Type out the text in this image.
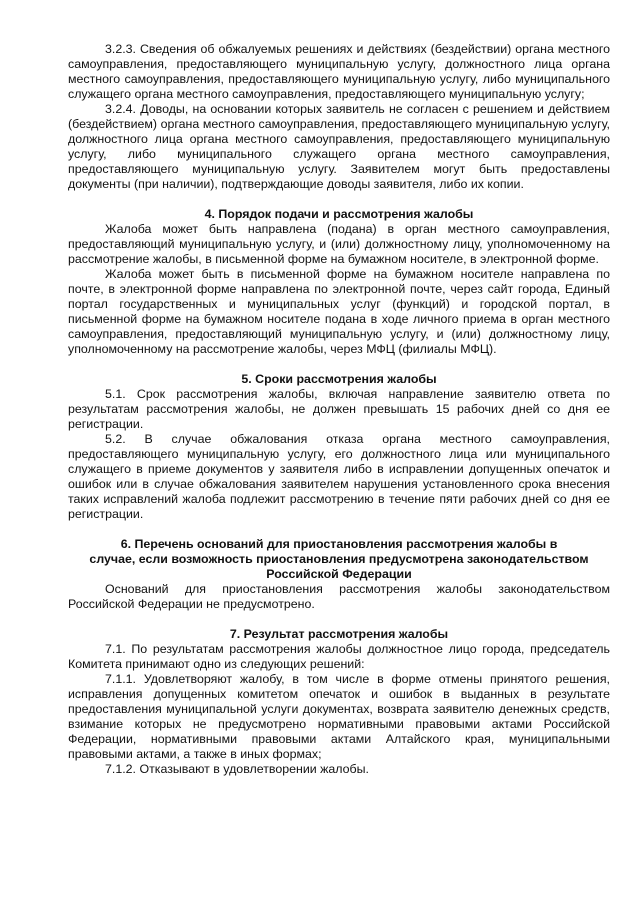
3.2.3. Сведения об обжалуемых решениях и действиях (бездействии) органа местного самоуправления, предоставляющего муниципальную услугу, должностного лица органа местного самоуправления, предоставляющего муниципальную услугу, либо муниципального служащего органа местного самоуправления, предоставляющего муниципальную услугу;

3.2.4. Доводы, на основании которых заявитель не согласен с решением и действием (бездействием) органа местного самоуправления, предоставляющего муниципальную услугу, должностного лица органа местного самоуправления, предоставляющего муниципальную услугу, либо муниципального служащего органа местного самоуправления, предоставляющего муниципальную услугу. Заявителем могут быть предоставлены документы (при наличии), подтверждающие доводы заявителя, либо их копии.

4. Порядок подачи и рассмотрения жалобы

Жалоба может быть направлена (подана) в орган местного самоуправления, предоставляющий муниципальную услугу, и (или) должностному лицу, уполномоченному на рассмотрение жалобы, в письменной форме на бумажном носителе, в электронной форме.

Жалоба может быть в письменной форме на бумажном носителе направлена по почте, в электронной форме направлена по электронной почте, через сайт города, Единый портал государственных и муниципальных услуг (функций) и городской портал, в письменной форме на бумажном носителе подана в ходе личного приема в орган местного самоуправления, предоставляющий муниципальную услугу, и (или) должностному лицу, уполномоченному на рассмотрение жалобы, через МФЦ (филиалы МФЦ).

5. Сроки рассмотрения жалобы

5.1. Срок рассмотрения жалобы, включая направление заявителю ответа по результатам рассмотрения жалобы, не должен превышать 15 рабочих дней со дня ее регистрации.

5.2. В случае обжалования отказа органа местного самоуправления, предоставляющего муниципальную услугу, его должностного лица или муниципального служащего в приеме документов у заявителя либо в исправлении допущенных опечаток и ошибок или в случае обжалования заявителем нарушения установленного срока внесения таких исправлений жалоба подлежит рассмотрению в течение пяти рабочих дней со дня ее регистрации.

6. Перечень оснований для приостановления рассмотрения жалобы в
случае, если возможность приостановления предусмотрена законодательством
Российской Федерации

Оснований для приостановления рассмотрения жалобы законодательством Российской Федерации не предусмотрено.

7. Результат рассмотрения жалобы

7.1. По результатам рассмотрения жалобы должностное лицо города, председатель Комитета принимают одно из следующих решений:

7.1.1. Удовлетворяют жалобу, в том числе в форме отмены принятого решения, исправления допущенных комитетом опечаток и ошибок в выданных в результате предоставления муниципальной услуги документах, возврата заявителю денежных средств, взимание которых не предусмотрено нормативными правовыми актами Российской Федерации, нормативными правовыми актами Алтайского края, муниципальными правовыми актами, а также в иных формах;

7.1.2. Отказывают в удовлетворении жалобы.
